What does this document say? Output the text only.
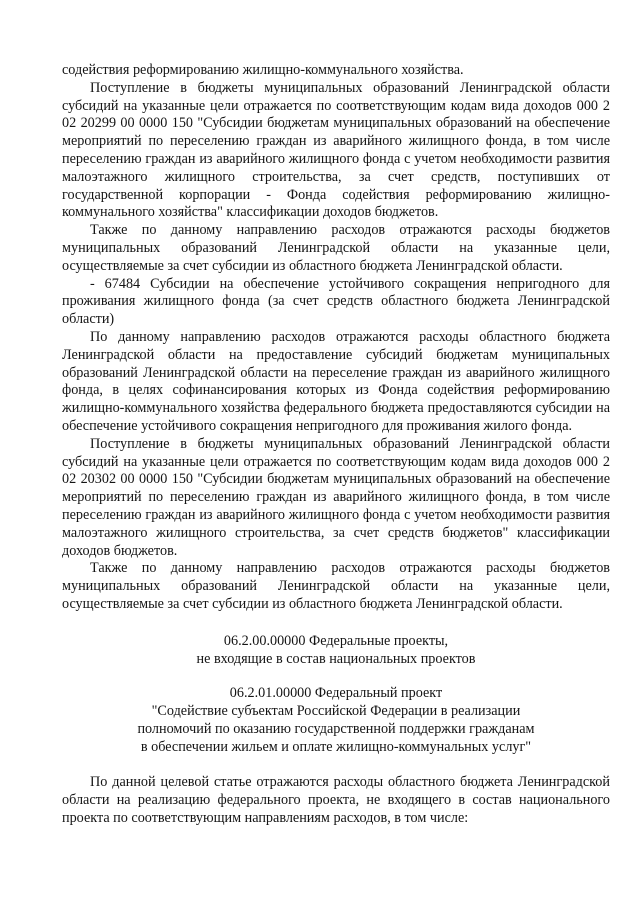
содействия реформированию жилищно-коммунального хозяйства.

Поступление в бюджеты муниципальных образований Ленинградской области субсидий на указанные цели отражается по соответствующим кодам вида доходов 000 2 02 20299 00 0000 150 "Субсидии бюджетам муниципальных образований на обеспечение мероприятий по переселению граждан из аварийного жилищного фонда, в том числе переселению граждан из аварийного жилищного фонда с учетом необходимости развития малоэтажного жилищного строительства, за счет средств, поступивших от государственной корпорации - Фонда содействия реформированию жилищно-коммунального хозяйства" классификации доходов бюджетов.

Также по данному направлению расходов отражаются расходы бюджетов муниципальных образований Ленинградской области на указанные цели, осуществляемые за счет субсидии из областного бюджета Ленинградской области.

- 67484 Субсидии на обеспечение устойчивого сокращения непригодного для проживания жилищного фонда (за счет средств областного бюджета Ленинградской области)

По данному направлению расходов отражаются расходы областного бюджета Ленинградской области на предоставление субсидий бюджетам муниципальных образований Ленинградской области на переселение граждан из аварийного жилищного фонда, в целях софинансирования которых из Фонда содействия реформированию жилищно-коммунального хозяйства федерального бюджета предоставляются субсидии на обеспечение устойчивого сокращения непригодного для проживания жилого фонда.

Поступление в бюджеты муниципальных образований Ленинградской области субсидий на указанные цели отражается по соответствующим кодам вида доходов 000 2 02 20302 00 0000 150 "Субсидии бюджетам муниципальных образований на обеспечение мероприятий по переселению граждан из аварийного жилищного фонда, в том числе переселению граждан из аварийного жилищного фонда с учетом необходимости развития малоэтажного жилищного строительства, за счет средств бюджетов" классификации доходов бюджетов.

Также по данному направлению расходов отражаются расходы бюджетов муниципальных образований Ленинградской области на указанные цели, осуществляемые за счет субсидии из областного бюджета Ленинградской области.

06.2.00.00000 Федеральные проекты,
не входящие в состав национальных проектов
06.2.01.00000 Федеральный проект
"Содействие субъектам Российской Федерации в реализации
полномочий по оказанию государственной поддержки гражданам
в обеспечении жильем и оплате жилищно-коммунальных услуг"

По данной целевой статье отражаются расходы областного бюджета Ленинградской области на реализацию федерального проекта, не входящего в состав национального проекта по соответствующим направлениям расходов, в том числе:
